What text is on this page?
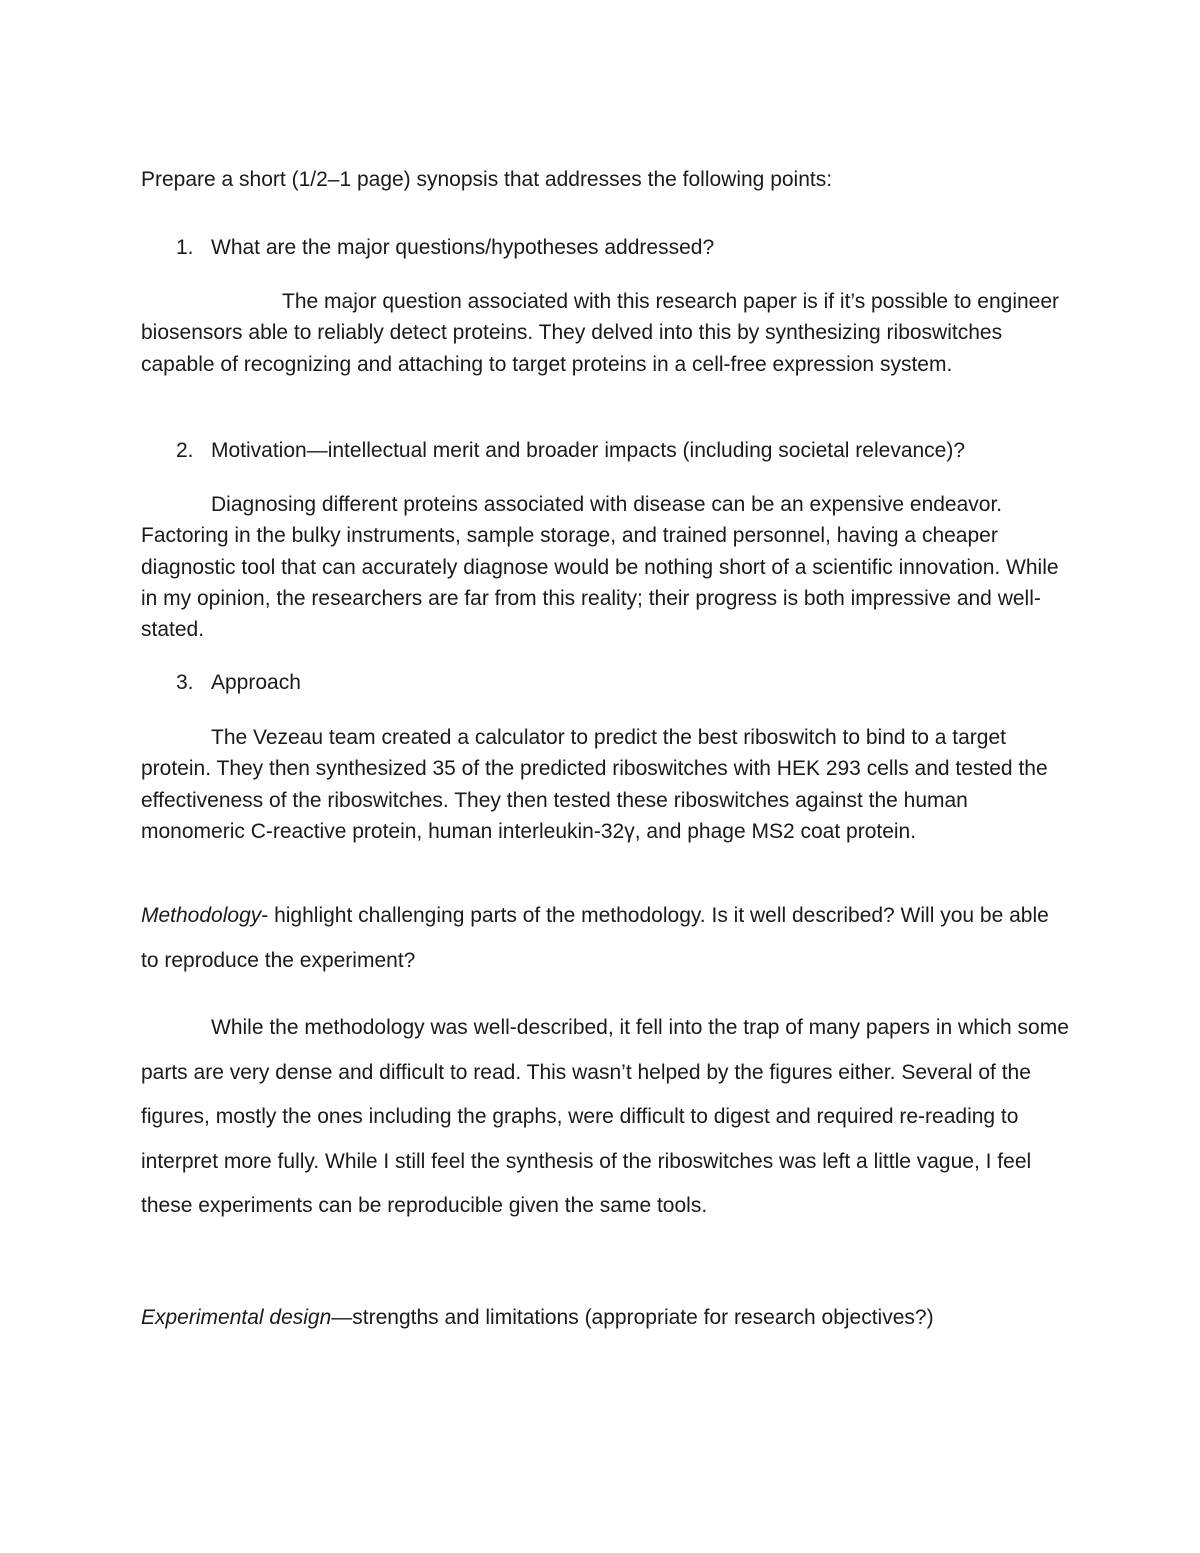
Prepare a short (1/2–1 page) synopsis that addresses the following points:
1. What are the major questions/hypotheses addressed?

The major question associated with this research paper is if it’s possible to engineer biosensors able to reliably detect proteins. They delved into this by synthesizing riboswitches capable of recognizing and attaching to target proteins in a cell-free expression system.

2. Motivation—intellectual merit and broader impacts (including societal relevance)?

Diagnosing different proteins associated with disease can be an expensive endeavor. Factoring in the bulky instruments, sample storage, and trained personnel, having a cheaper diagnostic tool that can accurately diagnose would be nothing short of a scientific innovation. While in my opinion, the researchers are far from this reality; their progress is both impressive and well-stated.

3. Approach

The Vezeau team created a calculator to predict the best riboswitch to bind to a target protein. They then synthesized 35 of the predicted riboswitches with HEK 293 cells and tested the effectiveness of the riboswitches. They then tested these riboswitches against the human monomeric C-reactive protein, human interleukin-32γ, and phage MS2 coat protein.

Methodology- highlight challenging parts of the methodology. Is it well described? Will you be able to reproduce the experiment?

While the methodology was well-described, it fell into the trap of many papers in which some parts are very dense and difficult to read. This wasn’t helped by the figures either. Several of the figures, mostly the ones including the graphs, were difficult to digest and required re-reading to interpret more fully. While I still feel the synthesis of the riboswitches was left a little vague, I feel these experiments can be reproducible given the same tools.

Experimental design—strengths and limitations (appropriate for research objectives?)
